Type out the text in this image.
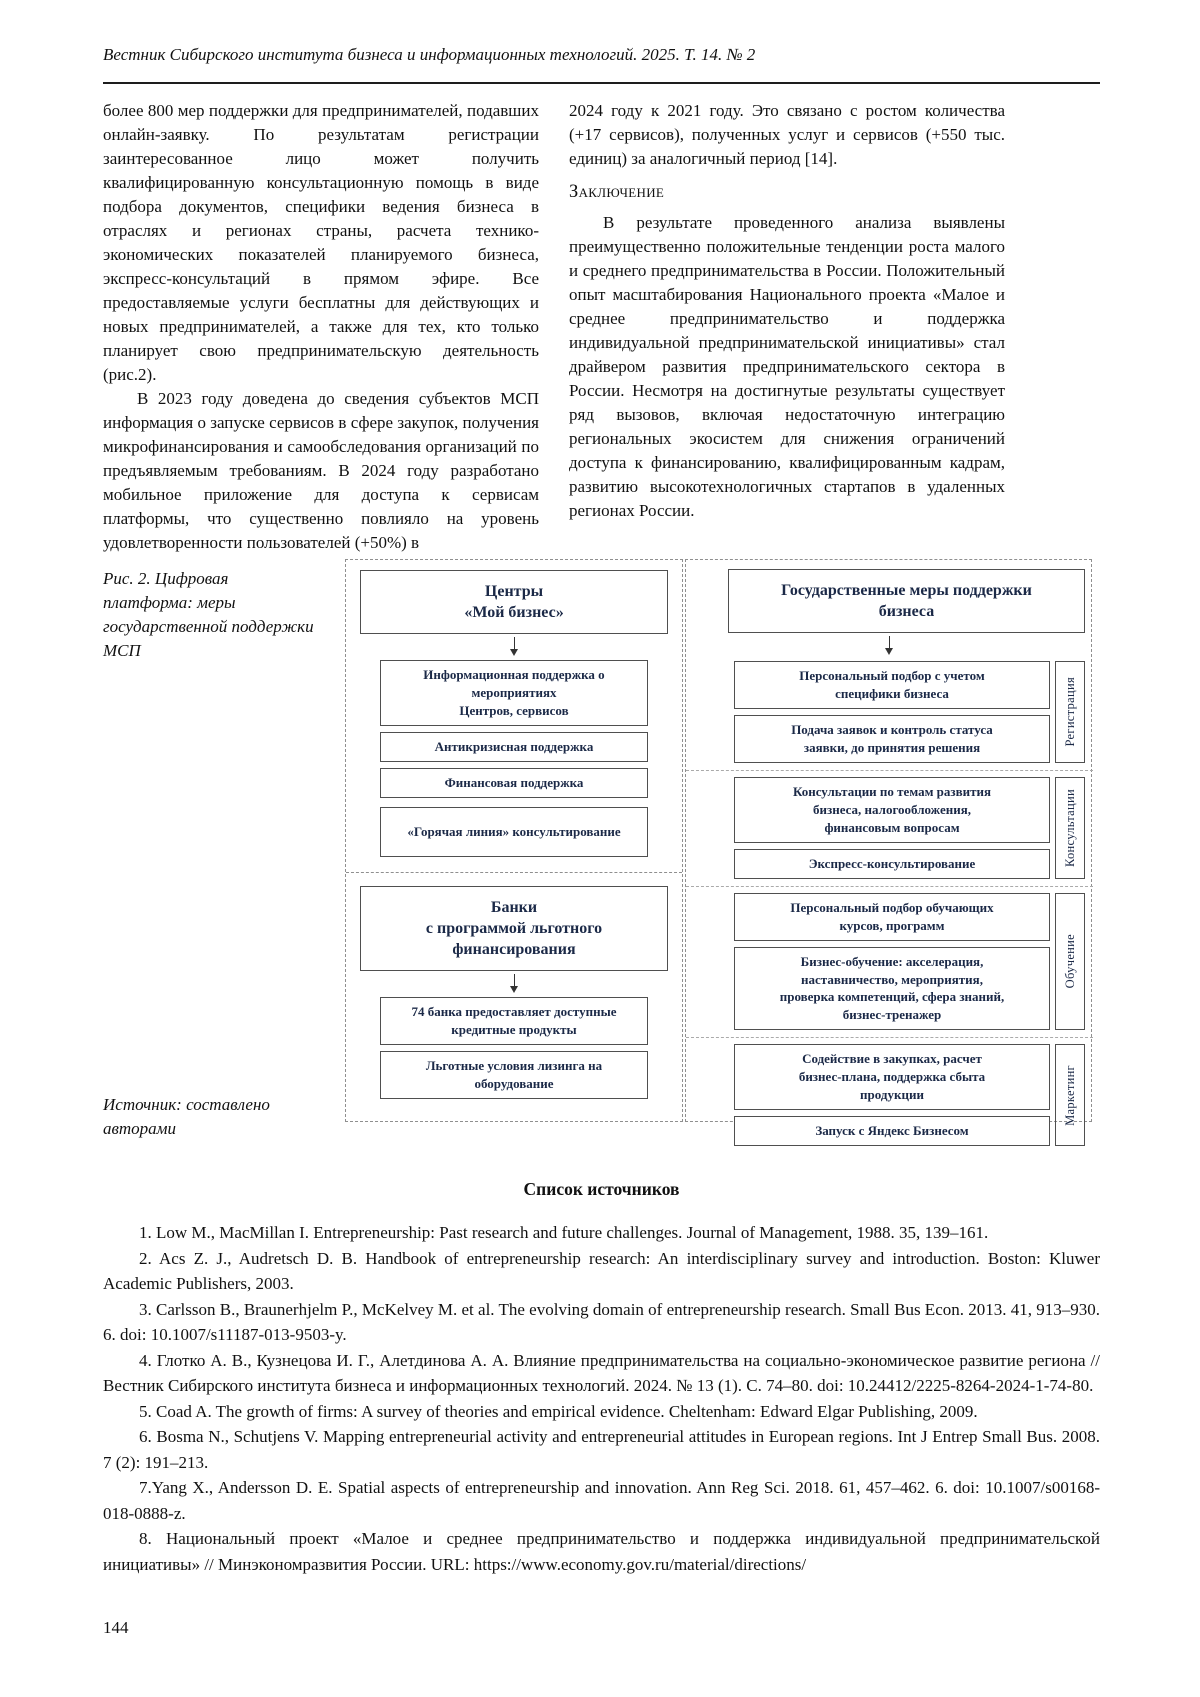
Вестник Сибирского института бизнеса и информационных технологий. 2025. Т. 14. № 2

более 800 мер поддержки для предпринимателей, подавших онлайн-заявку. По результатам регистрации заинтересованное лицо может получить квалифицированную консультационную помощь в виде подбора документов, специфики ведения бизнеса в отраслях и регионах страны, расчета технико-экономических показателей планируемого бизнеса, экспресс-консультаций в прямом эфире. Все предоставляемые услуги бесплатны для действующих и новых предпринимателей, а также для тех, кто только планирует свою предпринимательскую деятельность (рис.2).

В 2023 году доведена до сведения субъектов МСП информация о запуске сервисов в сфере закупок, получения микрофинансирования и самообследования организаций по предъявляемым требованиям. В 2024 году разработано мобильное приложение для доступа к сервисам платформы, что существенно повлияло на уровень удовлетворенности пользователей (+50%) в

2024 году к 2021 году. Это связано с ростом количества (+17 сервисов), полученных услуг и сервисов (+550 тыс. единиц) за аналогичный период [14].

Заключение

В результате проведенного анализа выявлены преимущественно положительные тенденции роста малого и среднего предпринимательства в России. Положительный опыт масштабирования Национального проекта «Малое и среднее предпринимательство и поддержка индивидуальной предпринимательской инициативы» стал драйвером развития предпринимательского сектора в России. Несмотря на достигнутые результаты существует ряд вызовов, включая недостаточную интеграцию региональных экосистем для снижения ограничений доступа к финансированию, квалифицированным кадрам, развитию высокотехнологичных стартапов в удаленных регионах России.

Рис. 2. Цифровая платформа: меры государственной поддержки МСП
Источник: составлено авторами
Центры
«Мой бизнес»
Информационная поддержка о
мероприятиях
Центров, сервисов
Антикризисная поддержка
Финансовая поддержка
«Горячая линия» консультирование
Банки
с программой льготного
финансирования
74 банка предоставляет доступные
кредитные продукты
Льготные условия лизинга на
оборудование
Государственные меры поддержки
бизнеса
Персональный подбор с учетом
специфики бизнеса
Подача заявок и контроль статуса
заявки, до принятия решения
Регистрация
Консультации по темам развития
бизнеса, налогообложения,
финансовым вопросам
Экспресс-консультирование	Консультации
Персональный подбор обучающих
курсов, программ
Бизнес-обучение: акселерация,
наставничество, мероприятия,
проверка компетенций, сфера знаний,
бизнес-тренажер
Обучение
Содействие в закупках, расчет
бизнес-плана, поддержка сбыта
продукции
Запуск с Яндекс Бизнесом
Маркетинг
Список источников

1. Low M., MacMillan I. Entrepreneurship: Past research and future challenges. Journal of Management, 1988. 35, 139–161.

2. Acs Z. J., Audretsch D. B. Handbook of entrepreneurship research: An interdisciplinary survey and introduction. Boston: Kluwer Academic Publishers, 2003.

3. Carlsson B., Braunerhjelm P., McKelvey M. et al. The evolving domain of entrepreneurship research. Small Bus Econ. 2013. 41, 913–930. 6. doi: 10.1007/s11187-013-9503-y.

4. Глотко А. В., Кузнецова И. Г., Алетдинова А. А. Влияние предпринимательства на социально-экономическое развитие региона // Вестник Сибирского института бизнеса и информационных технологий. 2024. № 13 (1). С. 74–80. doi: 10.24412/2225-8264-2024-1-74-80.

5. Coad A. The growth of firms: A survey of theories and empirical evidence. Cheltenham: Edward Elgar Publishing, 2009.

6. Bosma N., Schutjens V. Mapping entrepreneurial activity and entrepreneurial attitudes in European regions. Int J Entrep Small Bus. 2008. 7 (2): 191–213.

7.Yang X., Andersson D. E. Spatial aspects of entrepreneurship and innovation. Ann Reg Sci. 2018. 61, 457–462. 6. doi: 10.1007/s00168-018-0888-z.

8. Национальный проект «Малое и среднее предпринимательство и поддержка индивидуальной предпринимательской инициативы» // Минэкономразвития России. URL: https://www.economy.gov.ru/material/directions/

144
